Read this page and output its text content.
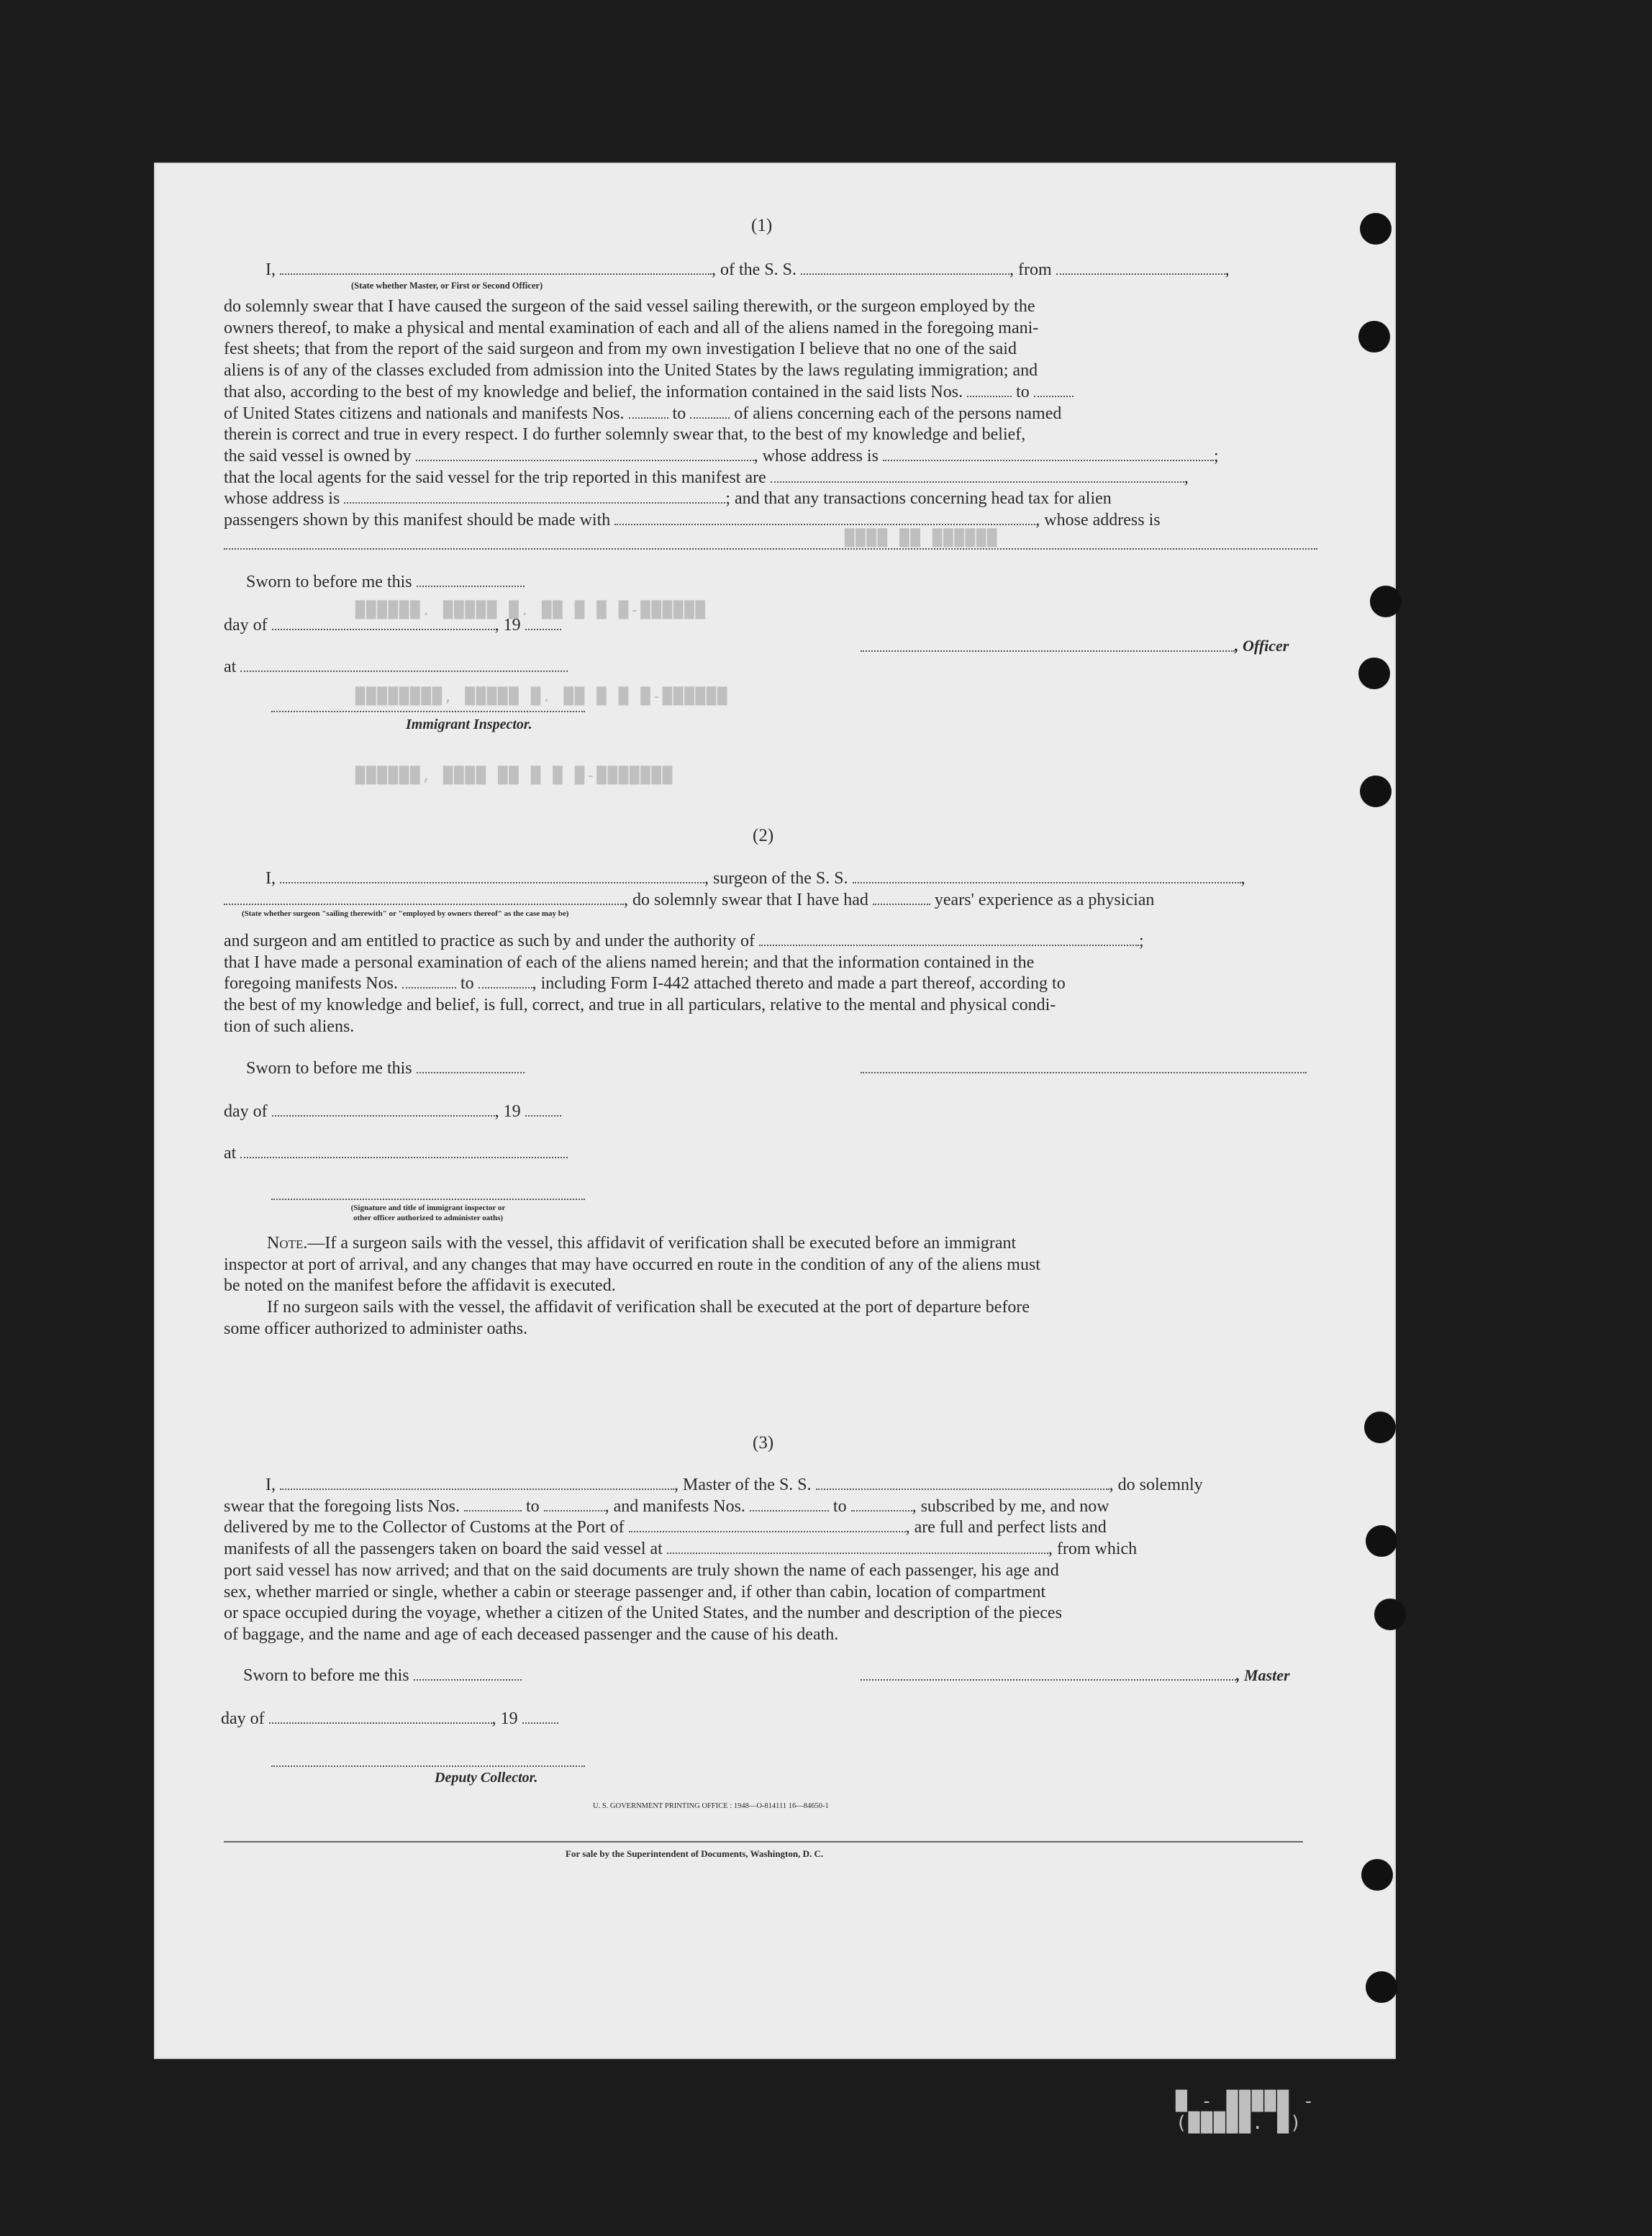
████ ██ ██████
██████. █████ █. ██ █ █ █-██████
████████, █████ █. ██ █ █ █-██████
██████, ████ ██ █ █ █-███████
█ - █████ - (█████. █)
(1)
I,	, of the S. S.	, from	,
(State whether Master, or First or Second Officer)

do solemnly swear that I have caused the surgeon of the said vessel sailing therewith, or the surgeon employed by the

owners thereof, to make a physical and mental examination of each and all of the aliens named in the foregoing mani-

fest sheets; that from the report of the said surgeon and from my own investigation I believe that no one of the said

aliens is of any of the classes excluded from admission into the United States by the laws regulating immigration; and

that also, according to the best of my knowledge and belief, the information contained in the said lists Nos.	to

of United States citizens and nationals and manifests Nos.	to	of aliens concerning each of the persons named

therein is correct and true in every respect. I do further solemnly swear that, to the best of my knowledge and belief,

the said vessel is owned by	, whose address is	;

that the local agents for the said vessel for the trip reported in this manifest are	,

whose address is	; and that any transactions concerning head tax for alien

passengers shown by this manifest should be made with	, whose address is

Sworn to before me this
day of	, 19
at
Immigrant Inspector.
, Officer
(2)
I,	, surgeon of the S. S.	,
, do solemnly swear that I have had	years' experience as a physician
(State whether surgeon "sailing therewith" or "employed by owners thereof" as the case may be)

and surgeon and am entitled to practice as such by and under the authority of	;

that I have made a personal examination of each of the aliens named herein; and that the information contained in the

foregoing manifests Nos.	to	, including Form I-442 attached thereto and made a part thereof, according to

the best of my knowledge and belief, is full, correct, and true in all particulars, relative to the mental and physical condi-

tion of such aliens.

Sworn to before me this
day of	, 19
at
(Signature and title of immigrant inspector or
other officer authorized to administer oaths)

Note.—If a surgeon sails with the vessel, this affidavit of verification shall be executed before an immigrant

inspector at port of arrival, and any changes that may have occurred en route in the condition of any of the aliens must

be noted on the manifest before the affidavit is executed.

If no surgeon sails with the vessel, the affidavit of verification shall be executed at the port of departure before

some officer authorized to administer oaths.

(3)

I,	, Master of the S. S.	, do solemnly

swear that the foregoing lists Nos.	to	, and manifests Nos.	to	, subscribed by me, and now

delivered by me to the Collector of Customs at the Port of	, are full and perfect lists and

manifests of all the passengers taken on board the said vessel at	, from which

port said vessel has now arrived; and that on the said documents are truly shown the name of each passenger, his age and

sex, whether married or single, whether a cabin or steerage passenger and, if other than cabin, location of compartment

or space occupied during the voyage, whether a citizen of the United States, and the number and description of the pieces

of baggage, and the name and age of each deceased passenger and the cause of his death.

Sworn to before me this	, Master
day of	, 19
Deputy Collector.
U. S. GOVERNMENT PRINTING OFFICE : 1948—O-814111 16—84650-1
For sale by the Superintendent of Documents, Washington, D. C.
